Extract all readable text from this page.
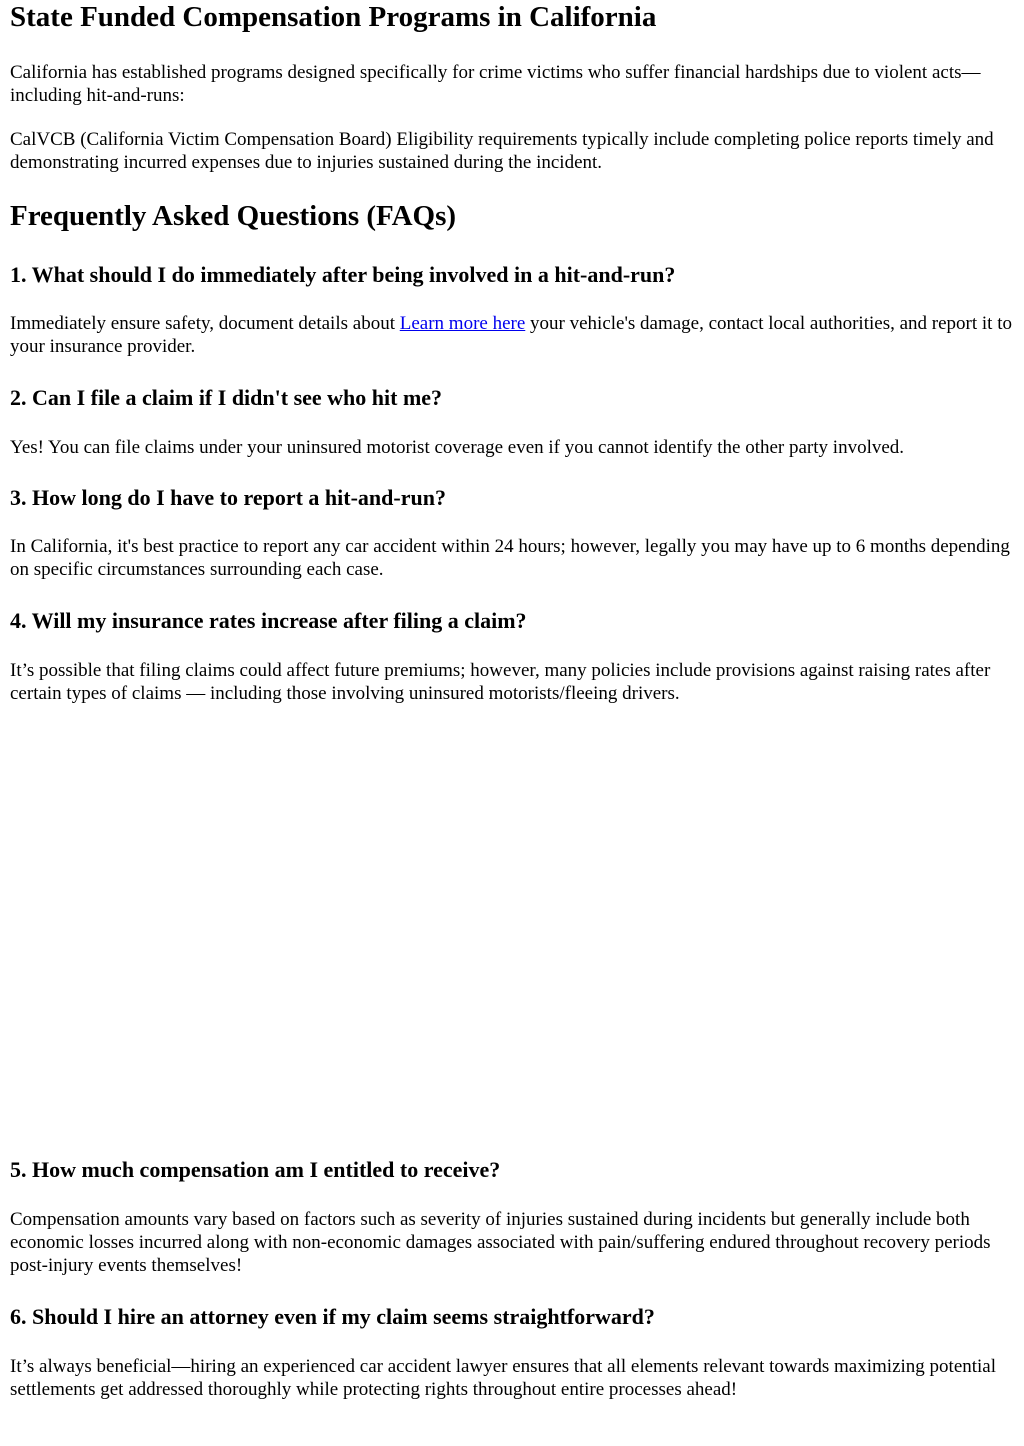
State Funded Compensation Programs in California

California has established programs designed specifically for crime victims who suffer financial hardships due to violent acts—including hit-and-runs:

CalVCB (California Victim Compensation Board) Eligibility requirements typically include completing police reports timely and demonstrating incurred expenses due to injuries sustained during the incident.

Frequently Asked Questions (FAQs)
1. What should I do immediately after being involved in a hit-and-run?

Immediately ensure safety, document details about Learn more here your vehicle's damage, contact local authorities, and report it to your insurance provider.

2. Can I file a claim if I didn't see who hit me?

Yes! You can file claims under your uninsured motorist coverage even if you cannot identify the other party involved.

3. How long do I have to report a hit-and-run?

In California, it's best practice to report any car accident within 24 hours; however, legally you may have up to 6 months depending on specific circumstances surrounding each case.

4. Will my insurance rates increase after filing a claim?

It’s possible that filing claims could affect future premiums; however, many policies include provisions against raising rates after certain types of claims — including those involving uninsured motorists/fleeing drivers.

5. How much compensation am I entitled to receive?

Compensation amounts vary based on factors such as severity of injuries sustained during incidents but generally include both economic losses incurred along with non-economic damages associated with pain/suffering endured throughout recovery periods post-injury events themselves!

6. Should I hire an attorney even if my claim seems straightforward?

It’s always beneficial—hiring an experienced car accident lawyer ensures that all elements relevant towards maximizing potential settlements get addressed thoroughly while protecting rights throughout entire processes ahead!
